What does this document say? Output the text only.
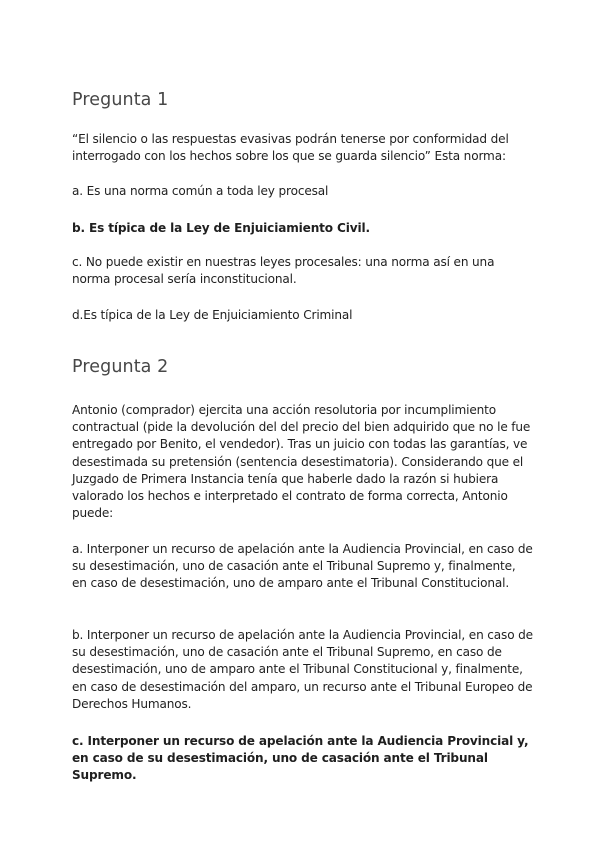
Pregunta 1

“El silencio o las respuestas evasivas podrán tenerse por conformidad del interrogado con los hechos sobre los que se guarda silencio” Esta norma:

a. Es una norma común a toda ley procesal

b. Es típica de la Ley de Enjuiciamiento Civil.

c. No puede existir en nuestras leyes procesales: una norma así en una norma procesal sería inconstitucional.

d.Es típica de la Ley de Enjuiciamiento Criminal

Pregunta 2

Antonio (comprador) ejercita una acción resolutoria por incumplimiento contractual (pide la devolución del del precio del bien adquirido que no le fue entregado por Benito, el vendedor). Tras un juicio con todas las garantías, ve desestimada su pretensión (sentencia desestimatoria). Considerando que el Juzgado de Primera Instancia tenía que haberle dado la razón si hubiera valorado los hechos e interpretado el contrato de forma correcta, Antonio puede:

a. Interponer un recurso de apelación ante la Audiencia Provincial, en caso de su desestimación, uno de casación ante el Tribunal Supremo y, finalmente, en caso de desestimación, uno de amparo ante el Tribunal Constitucional.

b. Interponer un recurso de apelación ante la Audiencia Provincial, en caso de su desestimación, uno de casación ante el Tribunal Supremo, en caso de desestimación, uno de amparo ante el Tribunal Constitucional y, finalmente, en caso de desestimación del amparo, un recurso ante el Tribunal Europeo de Derechos Humanos.

c. Interponer un recurso de apelación ante la Audiencia Provincial y, en caso de su desestimación, uno de casación ante el Tribunal Supremo.
